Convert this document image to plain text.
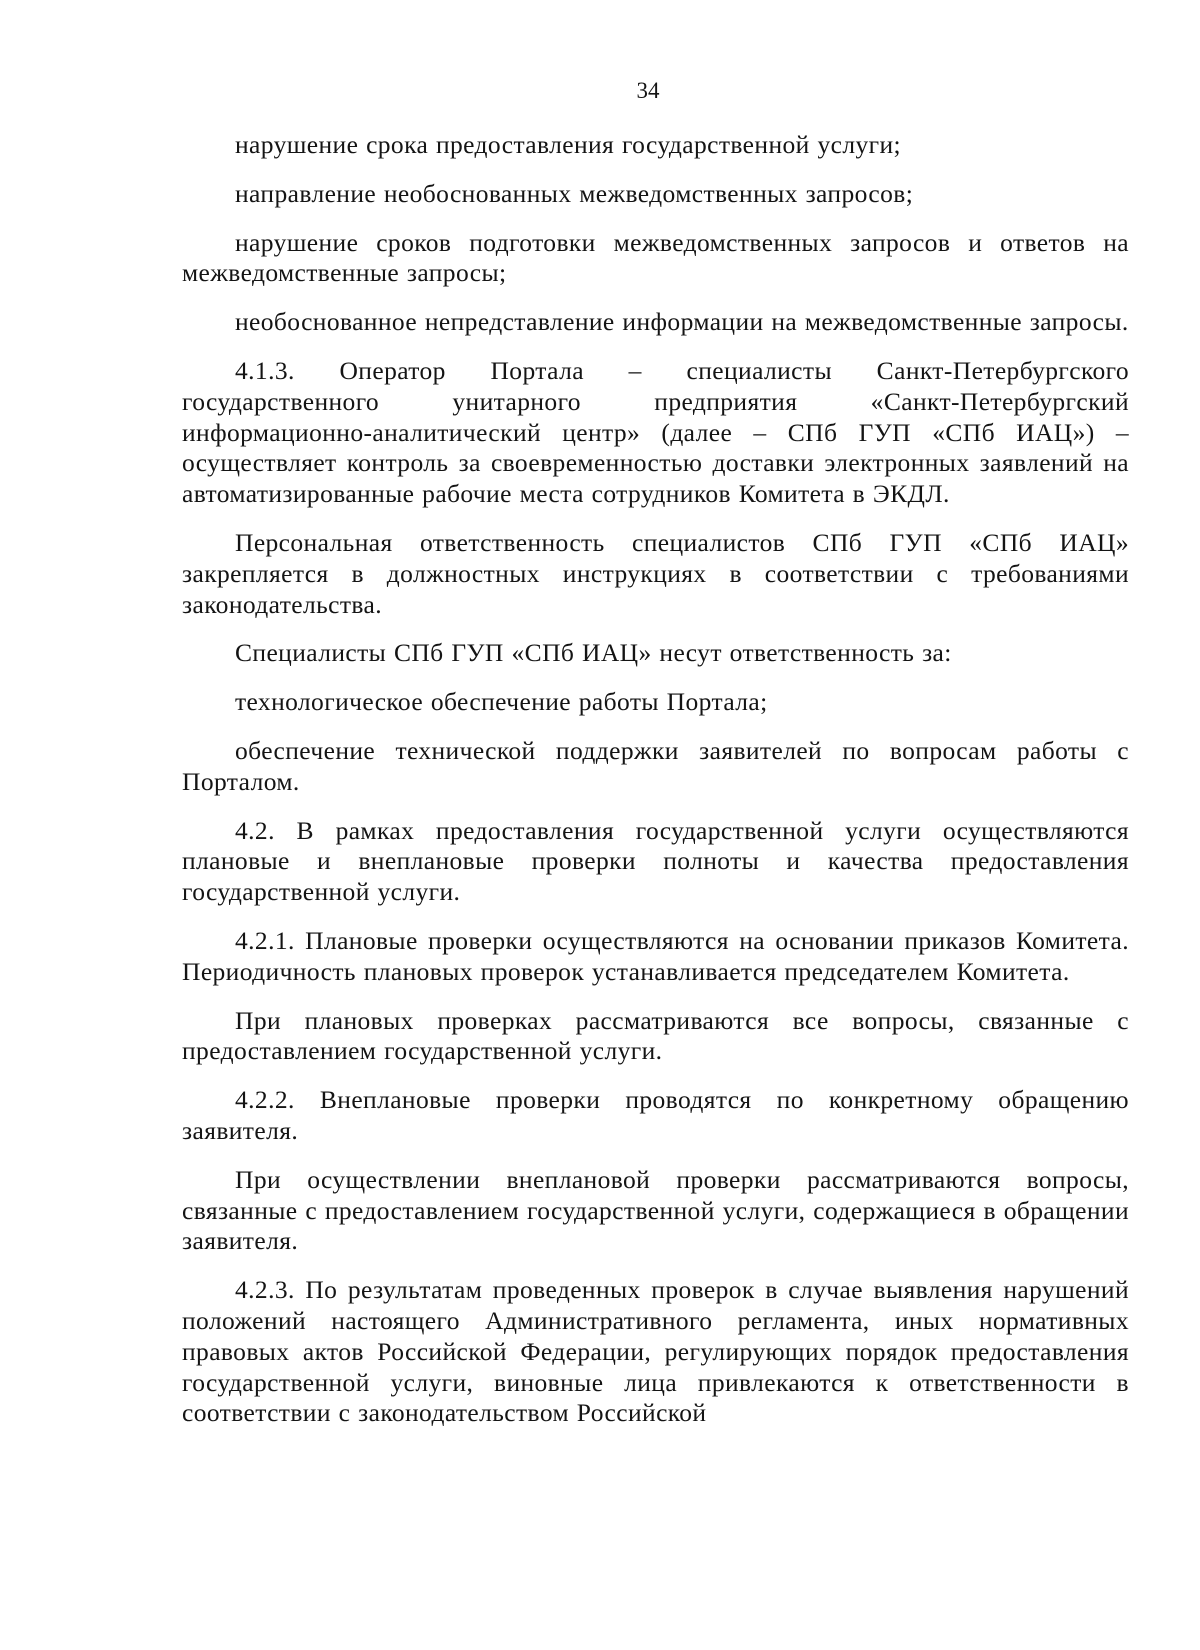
34

нарушение срока предоставления государственной услуги;

направление необоснованных межведомственных запросов;

нарушение сроков подготовки межведомственных запросов и ответов на межведомственные запросы;

необоснованное непредставление информации на межведомственные запросы.

4.1.3. Оператор Портала – специалисты Санкт-Петербургского государственного унитарного предприятия «Санкт-Петербургский информационно-аналитический центр» (далее – СПб ГУП «СПб ИАЦ») – осуществляет контроль за своевременностью доставки электронных заявлений на автоматизированные рабочие места сотрудников Комитета в ЭКДЛ.

Персональная ответственность специалистов СПб ГУП «СПб ИАЦ» закрепляется в должностных инструкциях в соответствии с требованиями законодательства.

Специалисты СПб ГУП «СПб ИАЦ» несут ответственность за:

технологическое обеспечение работы Портала;

обеспечение технической поддержки заявителей по вопросам работы с Порталом.

4.2. В рамках предоставления государственной услуги осуществляются плановые и внеплановые проверки полноты и качества предоставления государственной услуги.

4.2.1. Плановые проверки осуществляются на основании приказов Комитета. Периодичность плановых проверок устанавливается председателем Комитета.

При плановых проверках рассматриваются все вопросы, связанные с предоставлением государственной услуги.

4.2.2. Внеплановые проверки проводятся по конкретному обращению заявителя.

При осуществлении внеплановой проверки рассматриваются вопросы, связанные с предоставлением государственной услуги, содержащиеся в обращении заявителя.

4.2.3. По результатам проведенных проверок в случае выявления нарушений положений настоящего Административного регламента, иных нормативных правовых актов Российской Федерации, регулирующих порядок предоставления государственной услуги, виновные лица привлекаются к ответственности в соответствии с законодательством Российской
